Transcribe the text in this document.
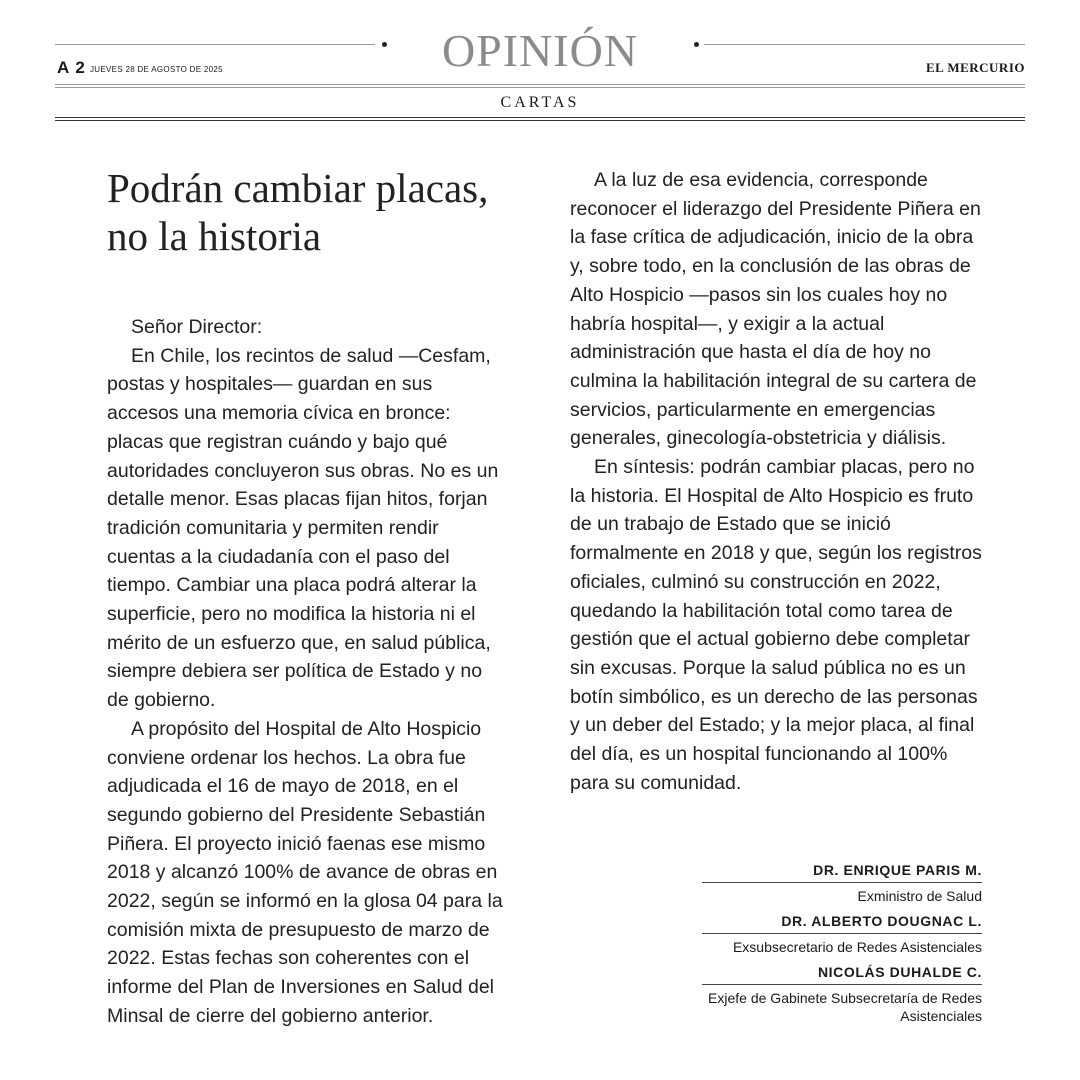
OPINIÓN
A 2 JUEVES 28 DE AGOSTO DE 2025	EL MERCURIO
CARTAS
Podrán cambiar placas, no la historia

Señor Director:

En Chile, los recintos de salud —Cesfam, postas y hospitales— guardan en sus accesos una memoria cívica en bronce: placas que registran cuándo y bajo qué autoridades concluyeron sus obras. No es un detalle menor. Esas placas fijan hitos, forjan tradición comunitaria y permiten rendir cuentas a la ciudadanía con el paso del tiempo. Cambiar una placa podrá alterar la superficie, pero no modifica la historia ni el mérito de un esfuerzo que, en salud pública, siempre debiera ser política de Estado y no de gobierno.

A propósito del Hospital de Alto Hospicio conviene ordenar los hechos. La obra fue adjudicada el 16 de mayo de 2018, en el segundo gobierno del Presidente Sebastián Piñera. El proyecto inició faenas ese mismo 2018 y alcanzó 100% de avance de obras en 2022, según se informó en la glosa 04 para la comisión mixta de presupuesto de marzo de 2022. Estas fechas son coherentes con el informe del Plan de Inversiones en Salud del Minsal de cierre del gobierno anterior.

A la luz de esa evidencia, corresponde reconocer el liderazgo del Presidente Piñera en la fase crítica de adjudicación, inicio de la obra y, sobre todo, en la conclusión de las obras de Alto Hospicio —pasos sin los cuales hoy no habría hospital—, y exigir a la actual administración que hasta el día de hoy no culmina la habilitación integral de su cartera de servicios, particularmente en emergencias generales, ginecología-obstetricia y diálisis.

En síntesis: podrán cambiar placas, pero no la historia. El Hospital de Alto Hospicio es fruto de un trabajo de Estado que se inició formalmente en 2018 y que, según los registros oficiales, culminó su construcción en 2022, quedando la habilitación total como tarea de gestión que el actual gobierno debe completar sin excusas. Porque la salud pública no es un botín simbólico, es un derecho de las personas y un deber del Estado; y la mejor placa, al final del día, es un hospital funcionando al 100% para su comunidad.

DR. ENRIQUE PARIS M.
Exministro de Salud
DR. ALBERTO DOUGNAC L.
Exsubsecretario de Redes Asistenciales
NICOLÁS DUHALDE C.
Exjefe de Gabinete Subsecretaría de Redes Asistenciales
